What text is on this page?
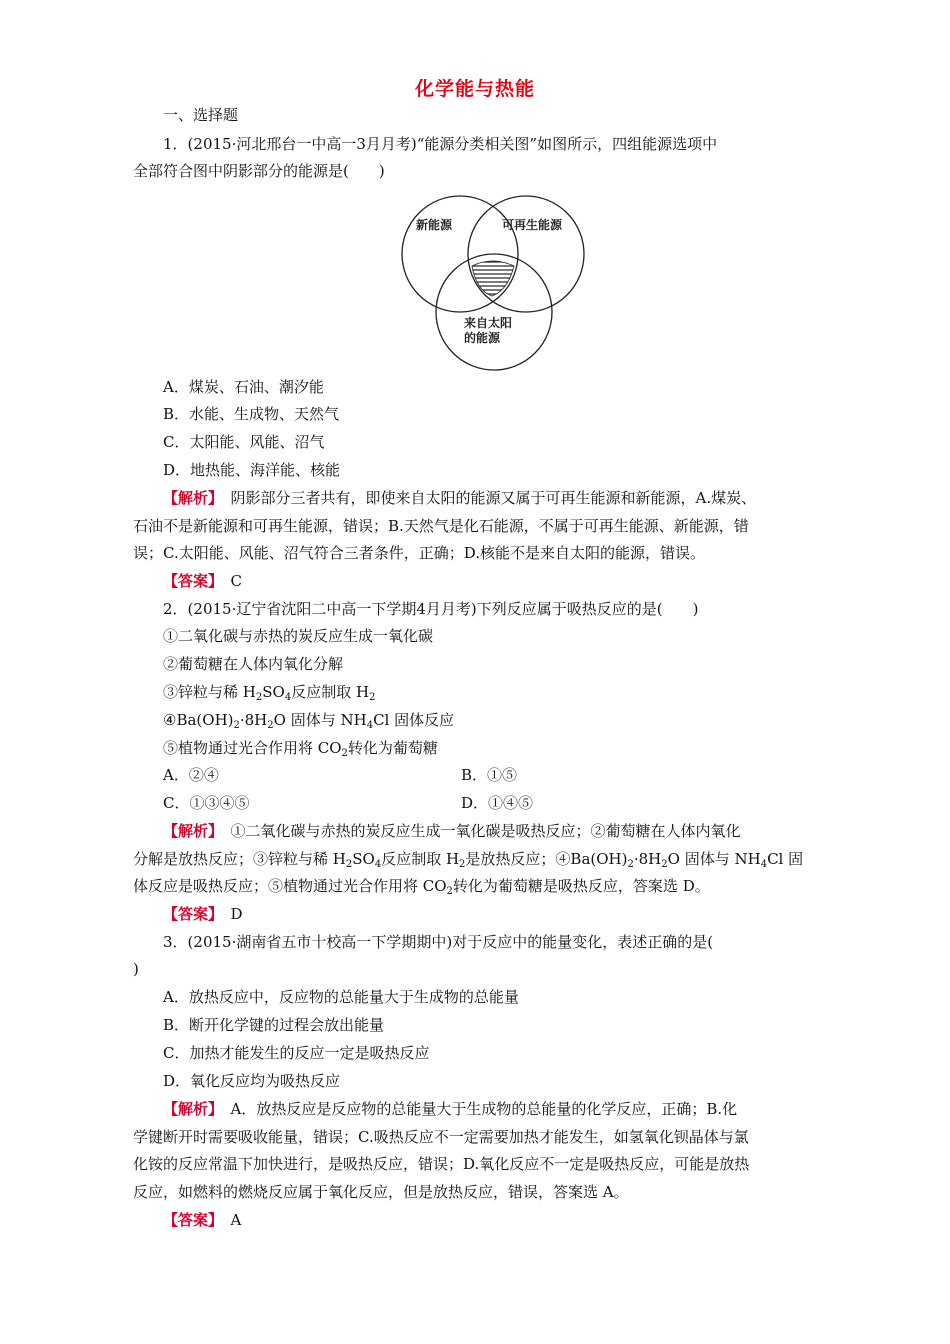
化学能与热能
一、选择题
1．(2015·河北邢台一中高一3月月考)“能源分类相关图”如图所示，四组能源选项中
全部符合图中阴影部分的能源是(　　)
新能源	可再生能源
来自太阳
的能源
A．煤炭、石油、潮汐能
B．水能、生成物、天然气
C．太阳能、风能、沼气
D．地热能、海洋能、核能
【解析】　阴影部分三者共有，即使来自太阳的能源又属于可再生能源和新能源，A.煤炭、
石油不是新能源和可再生能源，错误；B.天然气是化石能源，不属于可再生能源、新能源，错
误；C.太阳能、风能、沼气符合三者条件，正确；D.核能不是来自太阳的能源，错误。
【答案】　C
2．(2015·辽宁省沈阳二中高一下学期4月月考)下列反应属于吸热反应的是(　　)
①二氧化碳与赤热的炭反应生成一氧化碳
②葡萄糖在人体内氧化分解
③锌粒与稀 $H_2SO_4$反应制取 $H_2$
$④Ba(OH)_2\cdot 8H_2O$ 固体与 $NH_4Cl$ 固体反应
⑤植物通过光合作用将 $CO_2$转化为葡萄糖
A．②④	B．①⑤
C．①③④⑤	D．①④⑤
【解析】　①二氧化碳与赤热的炭反应生成一氧化碳是吸热反应；②葡萄糖在人体内氧化
分解是放热反应；③锌粒与稀 $H_2SO_4$反应制取 $H_2$是放热反应；$④Ba(OH)_2\cdot 8H_2O$ 固体与 $NH_4Cl$ 固
体反应是吸热反应；⑤植物通过光合作用将 $CO_2$转化为葡萄糖是吸热反应，答案选 D。
【答案】　D
3．(2015·湖南省五市十校高一下学期期中)对于反应中的能量变化，表述正确的是(
)
A．放热反应中，反应物的总能量大于生成物的总能量
B．断开化学键的过程会放出能量
C．加热才能发生的反应一定是吸热反应
D．氧化反应均为吸热反应
【解析】　A．放热反应是反应物的总能量大于生成物的总能量的化学反应，正确；B.化
学键断开时需要吸收能量，错误；C.吸热反应不一定需要加热才能发生，如氢氧化钡晶体与氯
化铵的反应常温下加快进行，是吸热反应，错误；D.氧化反应不一定是吸热反应，可能是放热
反应，如燃料的燃烧反应属于氧化反应，但是放热反应，错误，答案选 A。
【答案】　A
